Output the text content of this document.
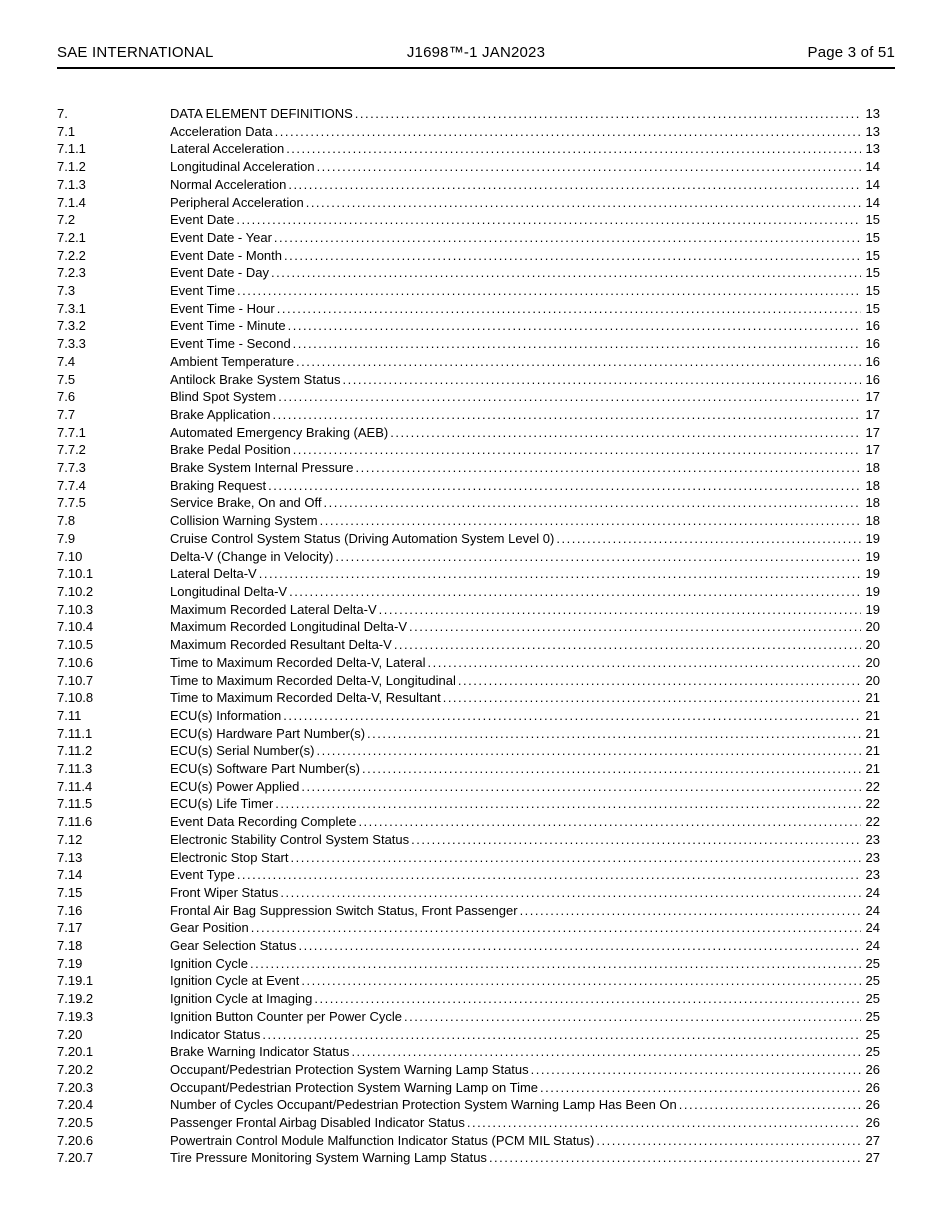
SAE INTERNATIONAL	J1698™-1 JAN2023	Page 3 of 51
7.	DATA ELEMENT DEFINITIONS .....	13
7.1	Acceleration Data .....	13
7.1.1	Lateral Acceleration .....	13
7.1.2	Longitudinal Acceleration .....	14
7.1.3	Normal Acceleration .....	14
7.1.4	Peripheral Acceleration .....	14
7.2	Event Date .....	15
7.2.1	Event Date - Year .....	15
7.2.2	Event Date - Month .....	15
7.2.3	Event Date - Day .....	15
7.3	Event Time .....	15
7.3.1	Event Time - Hour .....	15
7.3.2	Event Time - Minute .....	16
7.3.3	Event Time - Second .....	16
7.4	Ambient Temperature .....	16
7.5	Antilock Brake System Status .....	16
7.6	Blind Spot System .....	17
7.7	Brake Application .....	17
7.7.1	Automated Emergency Braking (AEB) .....	17
7.7.2	Brake Pedal Position .....	17
7.7.3	Brake System Internal Pressure .....	18
7.7.4	Braking Request .....	18
7.7.5	Service Brake, On and Off .....	18
7.8	Collision Warning System .....	18
7.9	Cruise Control System Status (Driving Automation System Level 0) .....	19
7.10	Delta-V (Change in Velocity) .....	19
7.10.1	Lateral Delta-V .....	19
7.10.2	Longitudinal Delta-V .....	19
7.10.3	Maximum Recorded Lateral Delta-V .....	19
7.10.4	Maximum Recorded Longitudinal Delta-V .....	20
7.10.5	Maximum Recorded Resultant Delta-V .....	20
7.10.6	Time to Maximum Recorded Delta-V, Lateral .....	20
7.10.7	Time to Maximum Recorded Delta-V, Longitudinal .....	20
7.10.8	Time to Maximum Recorded Delta-V, Resultant .....	21
7.11	ECU(s) Information .....	21
7.11.1	ECU(s) Hardware Part Number(s) .....	21
7.11.2	ECU(s) Serial Number(s) .....	21
7.11.3	ECU(s) Software Part Number(s) .....	21
7.11.4	ECU(s) Power Applied .....	22
7.11.5	ECU(s) Life Timer .....	22
7.11.6	Event Data Recording Complete .....	22
7.12	Electronic Stability Control System Status .....	23
7.13	Electronic Stop Start .....	23
7.14	Event Type .....	23
7.15	Front Wiper Status .....	24
7.16	Frontal Air Bag Suppression Switch Status, Front Passenger .....	24
7.17	Gear Position .....	24
7.18	Gear Selection Status .....	24
7.19	Ignition Cycle .....	25
7.19.1	Ignition Cycle at Event .....	25
7.19.2	Ignition Cycle at Imaging .....	25
7.19.3	Ignition Button Counter per Power Cycle .....	25
7.20	Indicator Status .....	25
7.20.1	Brake Warning Indicator Status .....	25
7.20.2	Occupant/Pedestrian Protection System Warning Lamp Status .....	26
7.20.3	Occupant/Pedestrian Protection System Warning Lamp on Time .....	26
7.20.4	Number of Cycles Occupant/Pedestrian Protection System Warning Lamp Has Been On .....	26
7.20.5	Passenger Frontal Airbag Disabled Indicator Status .....	26
7.20.6	Powertrain Control Module Malfunction Indicator Status (PCM MIL Status) .....	27
7.20.7	Tire Pressure Monitoring System Warning Lamp Status .....	27
